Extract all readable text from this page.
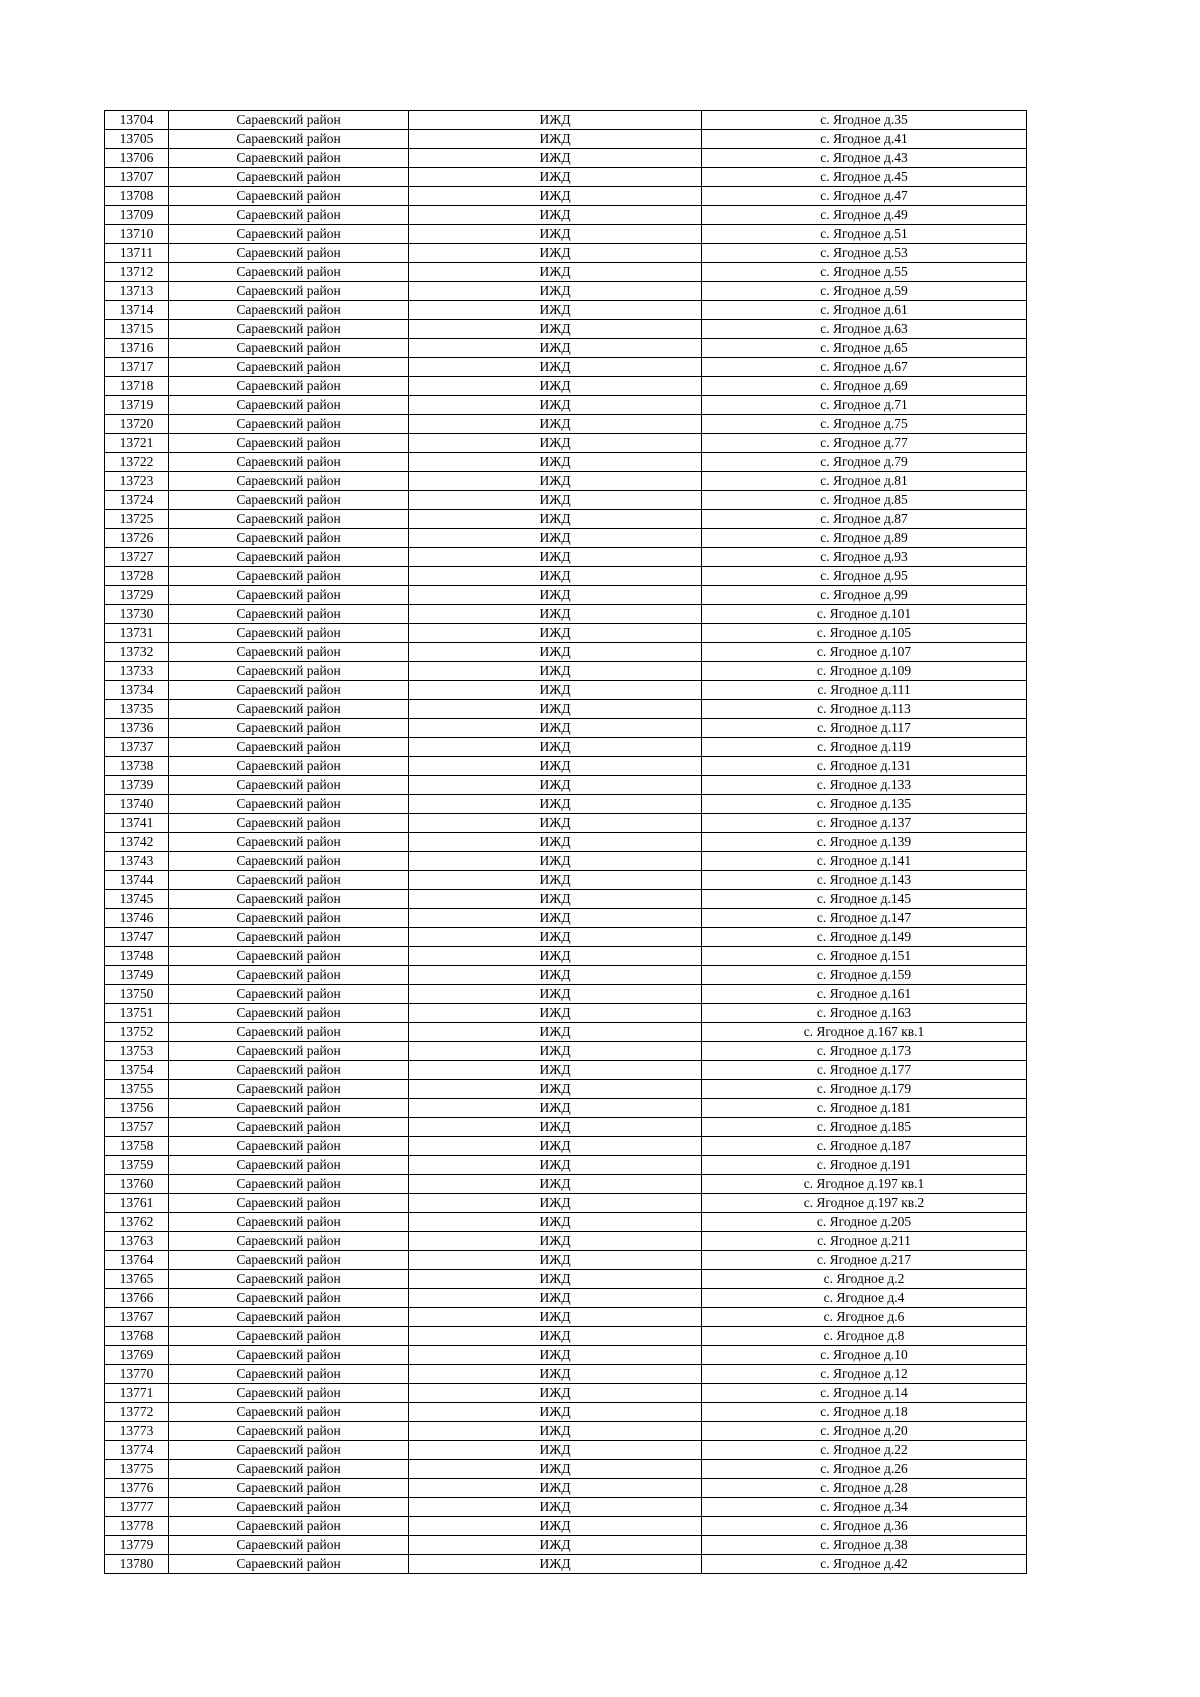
13704	Сараевский район	ИЖД	с. Ягодное д.35
13705	Сараевский район	ИЖД	с. Ягодное д.41
13706	Сараевский район	ИЖД	с. Ягодное д.43
13707	Сараевский район	ИЖД	с. Ягодное д.45
13708	Сараевский район	ИЖД	с. Ягодное д.47
13709	Сараевский район	ИЖД	с. Ягодное д.49
13710	Сараевский район	ИЖД	с. Ягодное д.51
13711	Сараевский район	ИЖД	с. Ягодное д.53
13712	Сараевский район	ИЖД	с. Ягодное д.55
13713	Сараевский район	ИЖД	с. Ягодное д.59
13714	Сараевский район	ИЖД	с. Ягодное д.61
13715	Сараевский район	ИЖД	с. Ягодное д.63
13716	Сараевский район	ИЖД	с. Ягодное д.65
13717	Сараевский район	ИЖД	с. Ягодное д.67
13718	Сараевский район	ИЖД	с. Ягодное д.69
13719	Сараевский район	ИЖД	с. Ягодное д.71
13720	Сараевский район	ИЖД	с. Ягодное д.75
13721	Сараевский район	ИЖД	с. Ягодное д.77
13722	Сараевский район	ИЖД	с. Ягодное д.79
13723	Сараевский район	ИЖД	с. Ягодное д.81
13724	Сараевский район	ИЖД	с. Ягодное д.85
13725	Сараевский район	ИЖД	с. Ягодное д.87
13726	Сараевский район	ИЖД	с. Ягодное д.89
13727	Сараевский район	ИЖД	с. Ягодное д.93
13728	Сараевский район	ИЖД	с. Ягодное д.95
13729	Сараевский район	ИЖД	с. Ягодное д.99
13730	Сараевский район	ИЖД	с. Ягодное д.101
13731	Сараевский район	ИЖД	с. Ягодное д.105
13732	Сараевский район	ИЖД	с. Ягодное д.107
13733	Сараевский район	ИЖД	с. Ягодное д.109
13734	Сараевский район	ИЖД	с. Ягодное д.111
13735	Сараевский район	ИЖД	с. Ягодное д.113
13736	Сараевский район	ИЖД	с. Ягодное д.117
13737	Сараевский район	ИЖД	с. Ягодное д.119
13738	Сараевский район	ИЖД	с. Ягодное д.131
13739	Сараевский район	ИЖД	с. Ягодное д.133
13740	Сараевский район	ИЖД	с. Ягодное д.135
13741	Сараевский район	ИЖД	с. Ягодное д.137
13742	Сараевский район	ИЖД	с. Ягодное д.139
13743	Сараевский район	ИЖД	с. Ягодное д.141
13744	Сараевский район	ИЖД	с. Ягодное д.143
13745	Сараевский район	ИЖД	с. Ягодное д.145
13746	Сараевский район	ИЖД	с. Ягодное д.147
13747	Сараевский район	ИЖД	с. Ягодное д.149
13748	Сараевский район	ИЖД	с. Ягодное д.151
13749	Сараевский район	ИЖД	с. Ягодное д.159
13750	Сараевский район	ИЖД	с. Ягодное д.161
13751	Сараевский район	ИЖД	с. Ягодное д.163
13752	Сараевский район	ИЖД	с. Ягодное д.167 кв.1
13753	Сараевский район	ИЖД	с. Ягодное д.173
13754	Сараевский район	ИЖД	с. Ягодное д.177
13755	Сараевский район	ИЖД	с. Ягодное д.179
13756	Сараевский район	ИЖД	с. Ягодное д.181
13757	Сараевский район	ИЖД	с. Ягодное д.185
13758	Сараевский район	ИЖД	с. Ягодное д.187
13759	Сараевский район	ИЖД	с. Ягодное д.191
13760	Сараевский район	ИЖД	с. Ягодное д.197 кв.1
13761	Сараевский район	ИЖД	с. Ягодное д.197 кв.2
13762	Сараевский район	ИЖД	с. Ягодное д.205
13763	Сараевский район	ИЖД	с. Ягодное д.211
13764	Сараевский район	ИЖД	с. Ягодное д.217
13765	Сараевский район	ИЖД	с. Ягодное д.2
13766	Сараевский район	ИЖД	с. Ягодное д.4
13767	Сараевский район	ИЖД	с. Ягодное д.6
13768	Сараевский район	ИЖД	с. Ягодное д.8
13769	Сараевский район	ИЖД	с. Ягодное д.10
13770	Сараевский район	ИЖД	с. Ягодное д.12
13771	Сараевский район	ИЖД	с. Ягодное д.14
13772	Сараевский район	ИЖД	с. Ягодное д.18
13773	Сараевский район	ИЖД	с. Ягодное д.20
13774	Сараевский район	ИЖД	с. Ягодное д.22
13775	Сараевский район	ИЖД	с. Ягодное д.26
13776	Сараевский район	ИЖД	с. Ягодное д.28
13777	Сараевский район	ИЖД	с. Ягодное д.34
13778	Сараевский район	ИЖД	с. Ягодное д.36
13779	Сараевский район	ИЖД	с. Ягодное д.38
13780	Сараевский район	ИЖД	с. Ягодное д.42
